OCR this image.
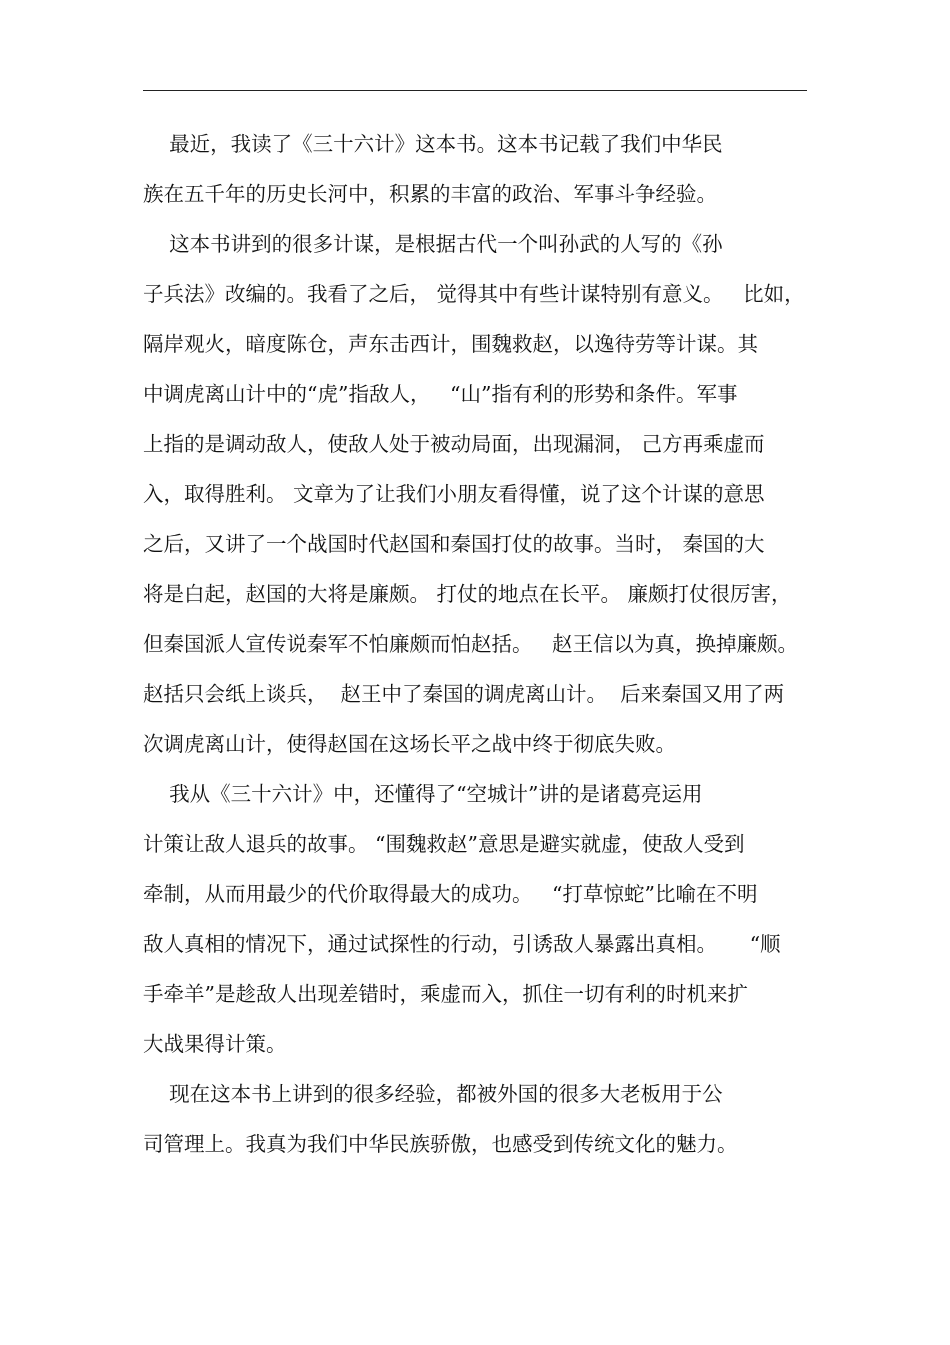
最近，我读了《三十六计》这本书。这本书记载了我们中华民
族在五千年的历史长河中，积累的丰富的政治、军事斗争经验。
这本书讲到的很多计谋，是根据古代一个叫孙武的人写的《孙
子兵法》改编的。我看了之后， 觉得其中有些计谋特别有意义。   比如，
隔岸观火，暗度陈仓，声东击西计，围魏救赵，以逸待劳等计谋。其
中调虎离山计中的“虎”指敌人，   “山”指有利的形势和条件。军事
上指的是调动敌人，使敌人处于被动局面，出现漏洞， 己方再乘虚而
入，取得胜利。 文章为了让我们小朋友看得懂，说了这个计谋的意思
之后，又讲了一个战国时代赵国和秦国打仗的故事。当时， 秦国的大
将是白起，赵国的大将是廉颇。 打仗的地点在长平。 廉颇打仗很厉害，
但秦国派人宣传说秦军不怕廉颇而怕赵括。   赵王信以为真，换掉廉颇。
赵括只会纸上谈兵，  赵王中了秦国的调虎离山计。  后来秦国又用了两
次调虎离山计，使得赵国在这场长平之战中终于彻底失败。
我从《三十六计》中，还懂得了“空城计”讲的是诸葛亮运用
计策让敌人退兵的故事。 “围魏救赵”意思是避实就虚，使敌人受到
牵制，从而用最少的代价取得最大的成功。   “打草惊蛇”比喻在不明
敌人真相的情况下，通过试探性的行动，引诱敌人暴露出真相。     “顺
手牵羊”是趁敌人出现差错时，乘虚而入，抓住一切有利的时机来扩
大战果得计策。
现在这本书上讲到的很多经验，都被外国的很多大老板用于公
司管理上。我真为我们中华民族骄傲，也感受到传统文化的魅力。
